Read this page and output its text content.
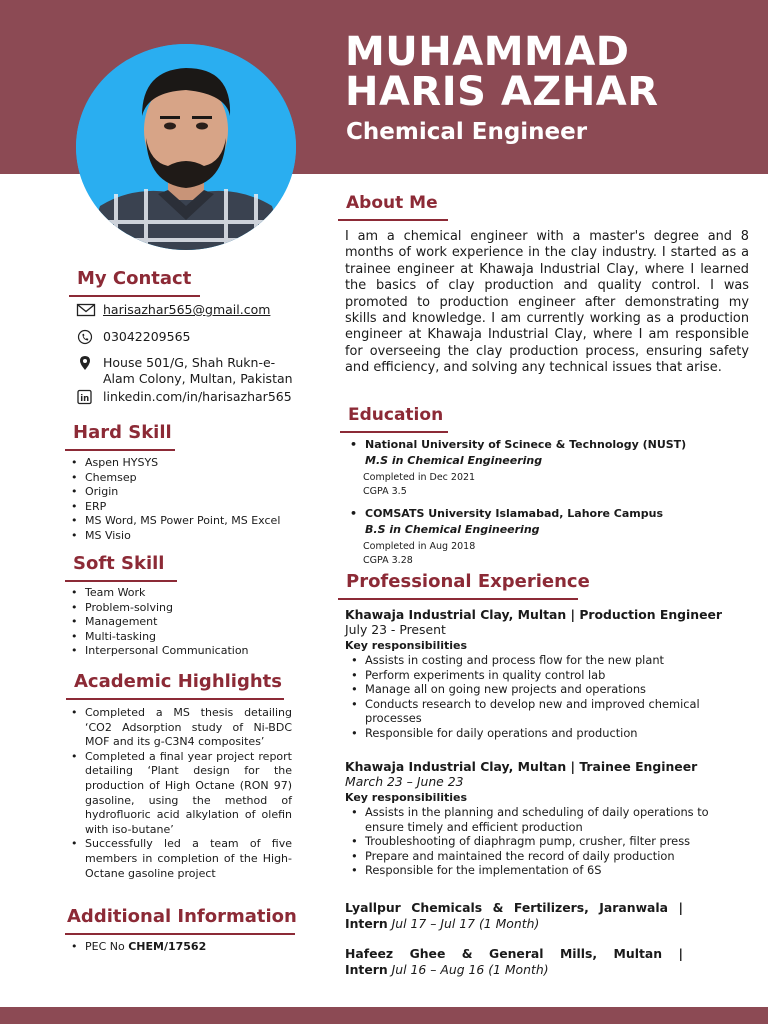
MUHAMMAD
HARIS AZHAR
Chemical Engineer
My Contact
harisazhar565@gmail.com
03042209565
House 501/G, Shah Rukn-e-
Alam Colony, Multan, Pakistan
in linkedin.com/in/harisazhar565
Hard Skill
• Aspen HYSYS
• Chemsep
• Origin
• ERP
• MS Word, MS Power Point, MS Excel
• MS Visio
Soft Skill
• Team Work
• Problem-solving
• Management
• Multi-tasking
• Interpersonal Communication
Academic Highlights
• Completed a MS thesis detailing ‘CO2 Adsorption study of Ni-BDC MOF and its g-C3N4 composites’
• Completed a final year project report detailing ‘Plant design for the production of High Octane (RON 97) gasoline, using the method of hydrofluoric acid alkylation of olefin with iso-butane’
• Successfully led a team of five members in completion of the High- Octane gasoline project
Additional Information
• PEC No CHEM/17562
About Me
I am a chemical engineer with a master's degree and 8 months of work experience in the clay industry. I started as a trainee engineer at Khawaja Industrial Clay, where I learned the basics of clay production and quality control. I was promoted to production engineer after demonstrating my skills and knowledge. I am currently working as a production engineer at Khawaja Industrial Clay, where I am responsible for overseeing the clay production process, ensuring safety and efficiency, and solving any technical issues that arise.
Education
• National University of Scinece & Technology (NUST)
M.S in Chemical Engineering
Completed in Dec 2021
CGPA 3.5
• COMSATS University Islamabad, Lahore Campus
B.S in Chemical Engineering
Completed in Aug 2018
CGPA 3.28
Professional Experience
Khawaja Industrial Clay, Multan | Production Engineer
July 23 - Present
Key responsibilities
• Assists in costing and process flow for the new plant
• Perform experiments in quality control lab
• Manage all on going new projects and operations
• Conducts research to develop new and improved chemical processes
• Responsible for daily operations and production
Khawaja Industrial Clay, Multan | Trainee Engineer
March 23 – June 23
Key responsibilities
• Assists in the planning and scheduling of daily operations to ensure timely and efficient production
• Troubleshooting of diaphragm pump, crusher, filter press
• Prepare and maintained the record of daily production
• Responsible for the implementation of 6S
Lyallpur Chemicals & Fertilizers, Jaranwala |
Intern Jul 17 – Jul 17 (1 Month)
Hafeez Ghee & General Mills, Multan |
Intern Jul 16 – Aug 16 (1 Month)
